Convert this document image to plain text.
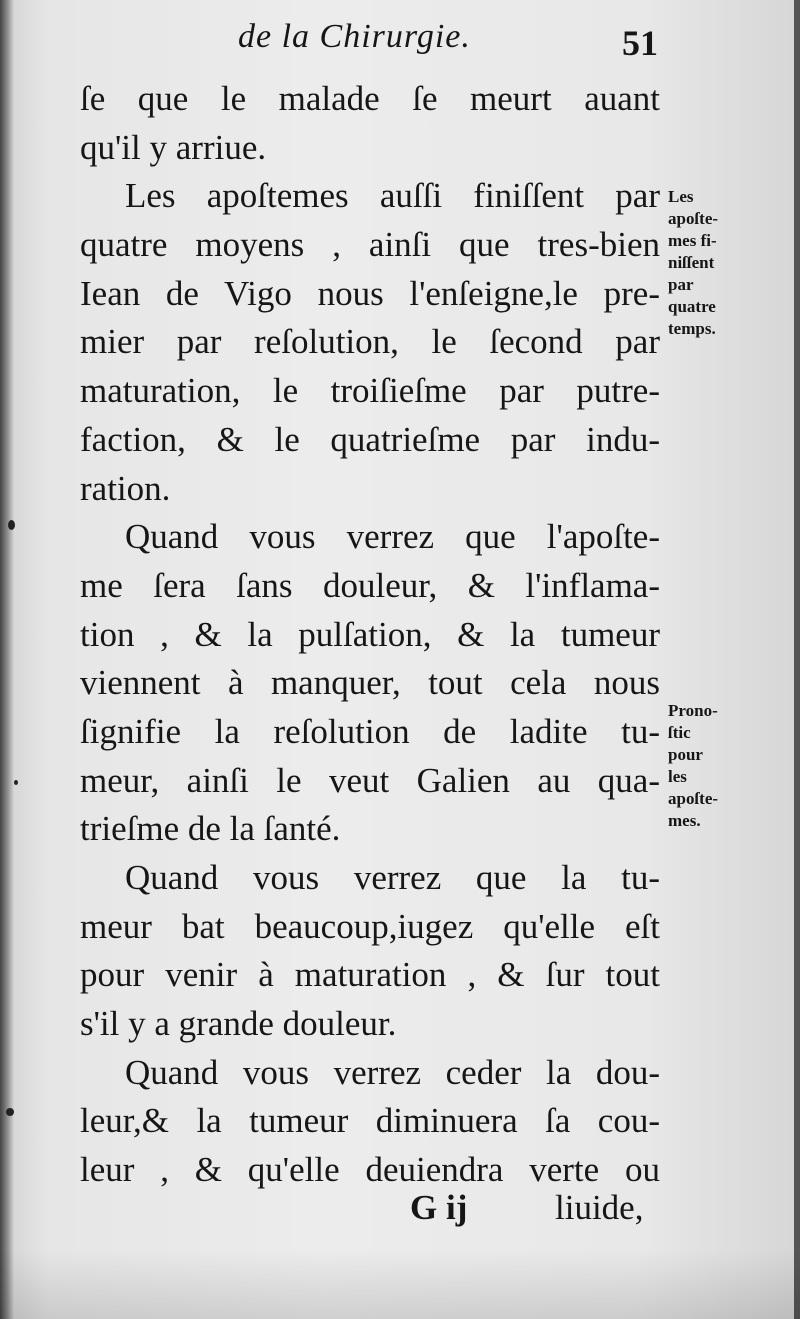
de la Chirurgie.	51
ſe que le malade ſe meurt auant
qu'il y arriue.
Les apoſtemes auſſi finiſſent par
quatre moyens , ainſi que tres-bien
Iean de Vigo nous l'enſeigne,le pre-
mier par reſolution, le ſecond par
maturation, le troiſieſme par putre-
faction, & le quatrieſme par indu-
ration.
Quand vous verrez que l'apoſte-
me ſera ſans douleur, & l'inflama-
tion , & la pulſation, & la tumeur
viennent à manquer, tout cela nous
ſignifie la reſolution de ladite tu-
meur, ainſi le veut Galien au qua-
trieſme de la ſanté.
Quand vous verrez que la tu-
meur bat beaucoup,iugez qu'elle eſt
pour venir à maturation , & ſur tout
s'il y a grande douleur.
Quand vous verrez ceder la dou-
leur,& la tumeur diminuera ſa cou-
leur , & qu'elle deuiendra verte ou
Les
apoſte-
mes fi-
niſſent
par
quatre
temps.
Prono-
ſtic
pour
les
apoſte-
mes.
G ij	liuide,
